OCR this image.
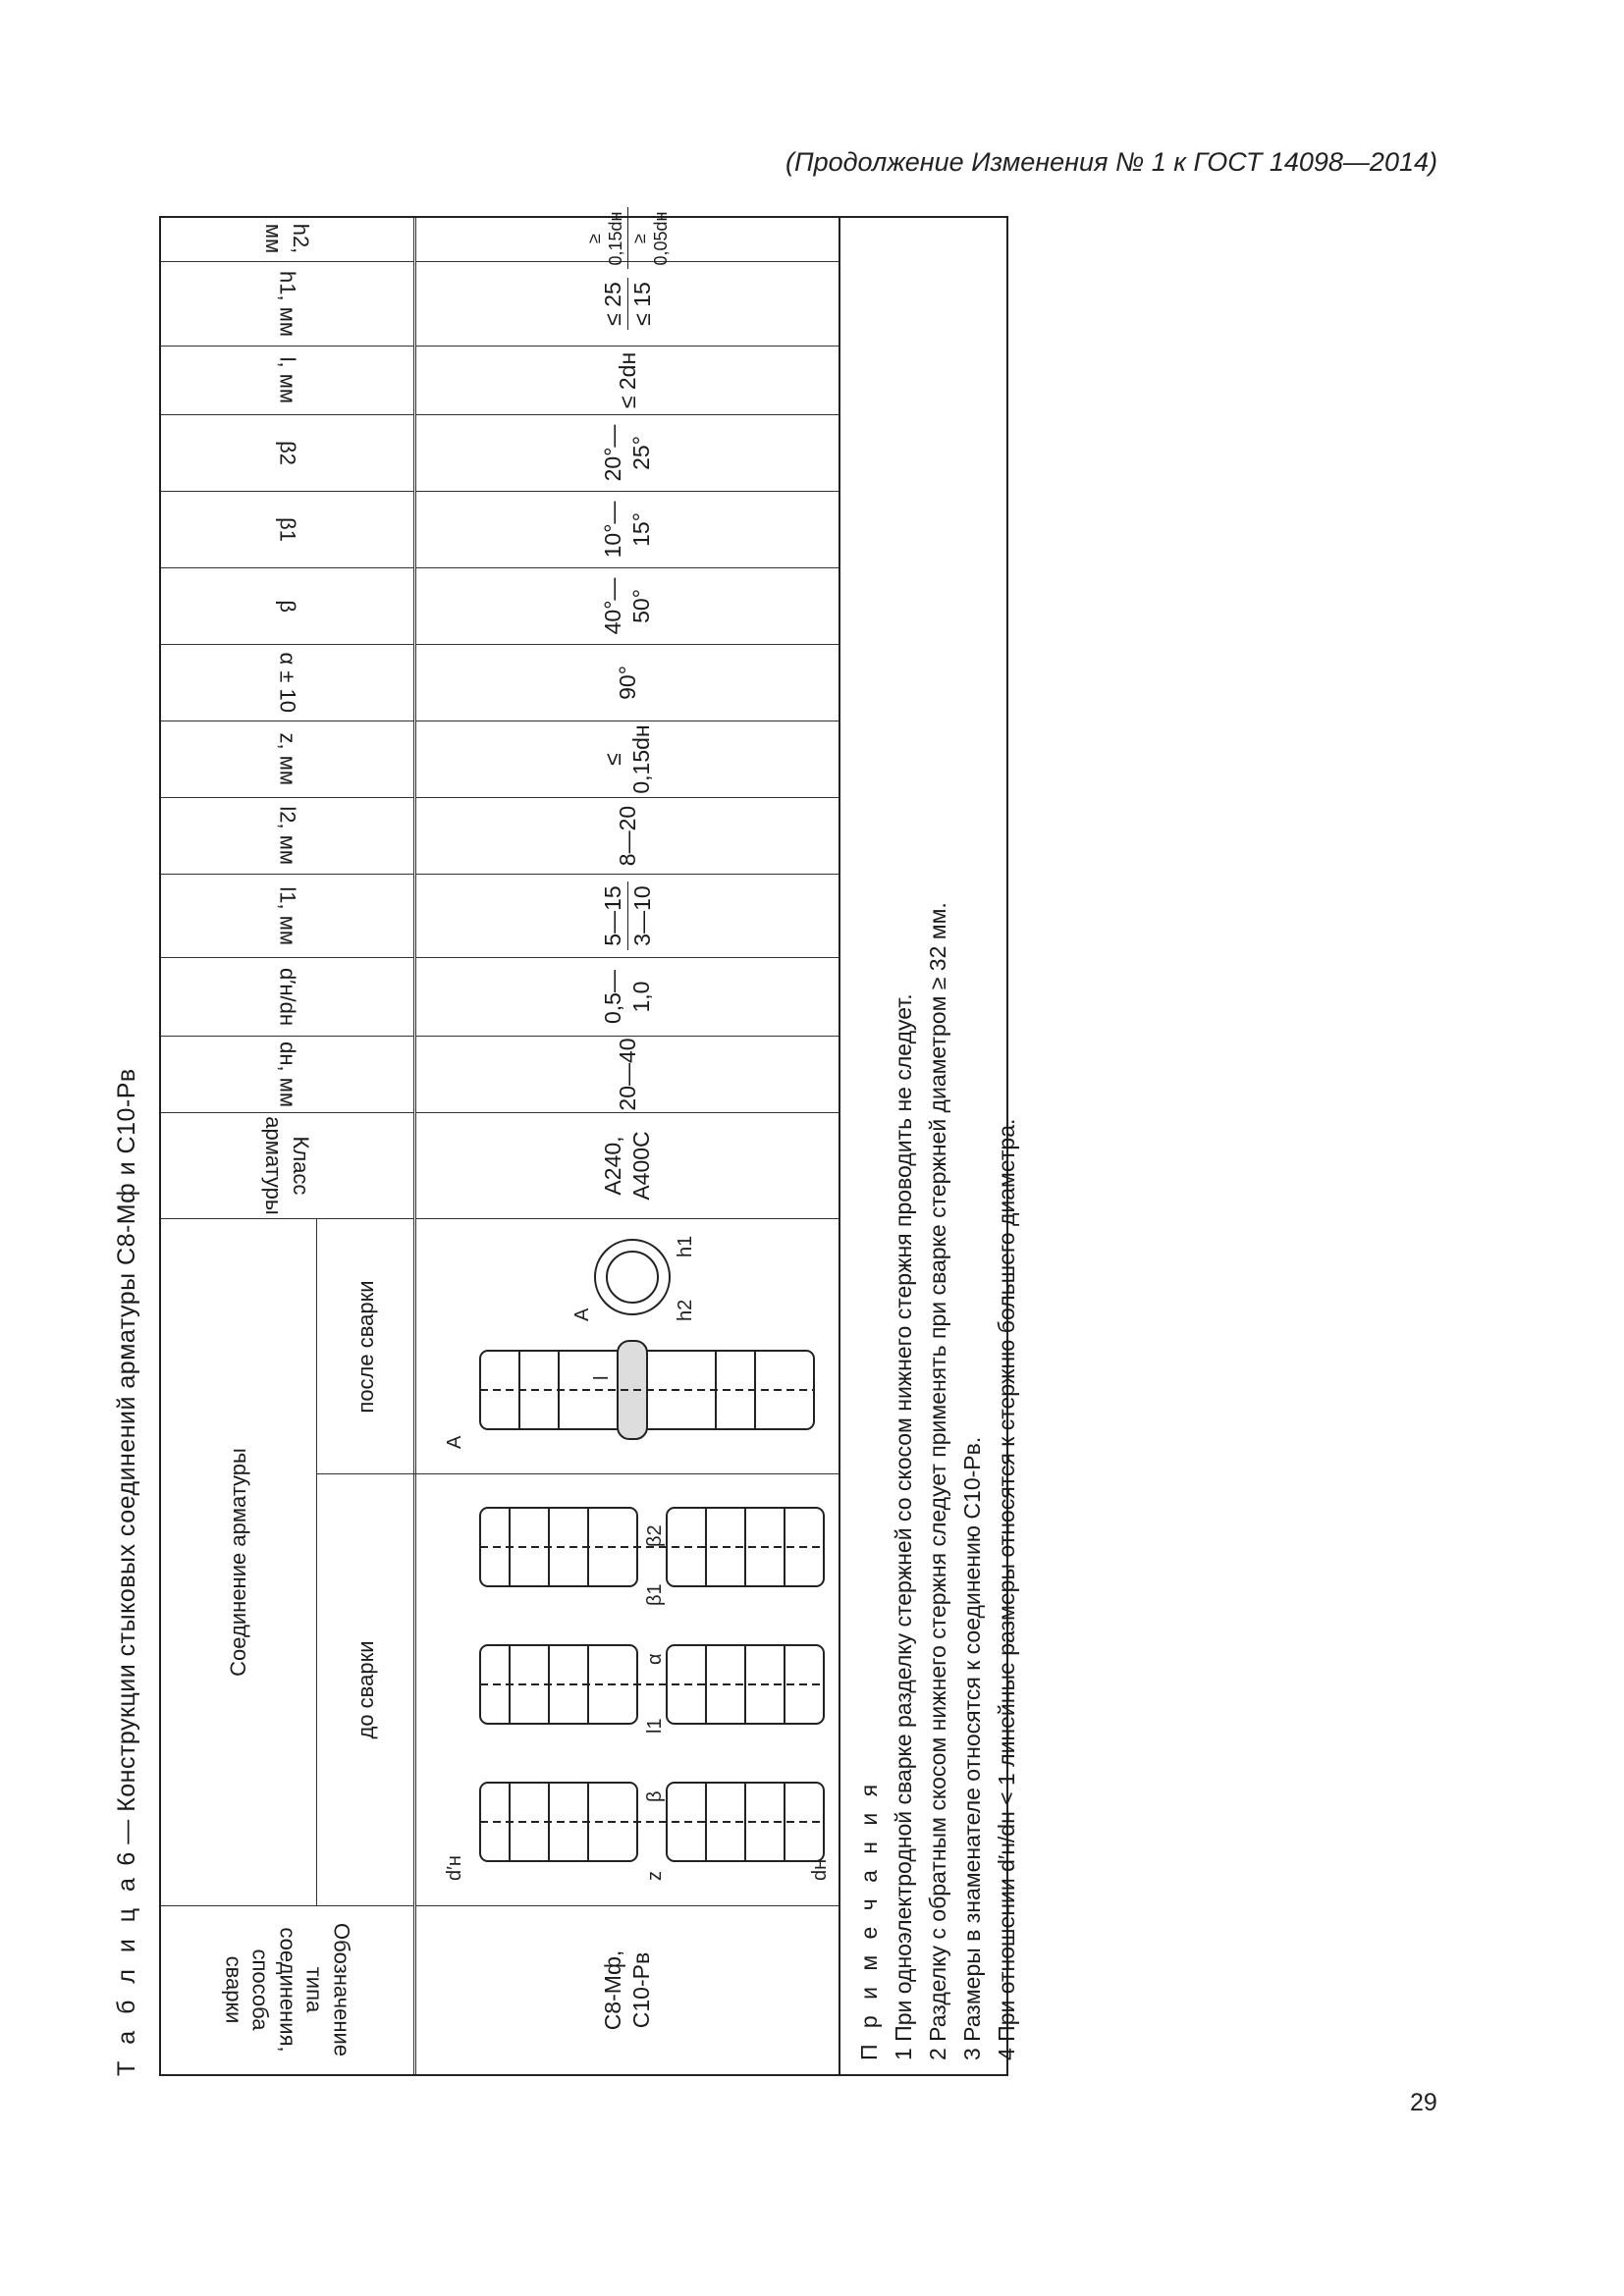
(Продолжение Изменения № 1 к ГОСТ 14098—2014)
Т а б л и ц а 6 — Конструкции стыковых соединений арматуры С8-Мф и С10-Рв
Обозначение типа соединения, способа сварки
Соединение арматуры
до сварки
после сварки
Класс арматуры
dн, мм
d′н/dн
l1, мм
l2, мм
z, мм
α ± 10
β
β1
β2
l, мм
h1, мм
h2, мм
С8-Мф, С10-Рв
d′н	z
β
l1
α
β1
β2
dн
A
A
l
h1
h2
А240, А400С
20—40
0,5—1,0
5—15 3—10
8—20
≤ 0,15dн
90°
40°—50°
10°—15°
20°—25°
≤ 2dн
≤ 25 ≤ 15
≥ 0,15dн ≥ 0,05dн
П р и м е ч а н и я 1 При одноэлектродной сварке разделку стержней со скосом нижнего стержня проводить не следует. 2 Разделку с обратным скосом нижнего стержня следует применять при сварке стержней диаметром ≥ 32 мм. 3 Размеры в знаменателе относятся к соединению С10-Рв. 4 При отношении d′н/dн < 1 линейные размеры относятся к стержню большего диаметра.
29
